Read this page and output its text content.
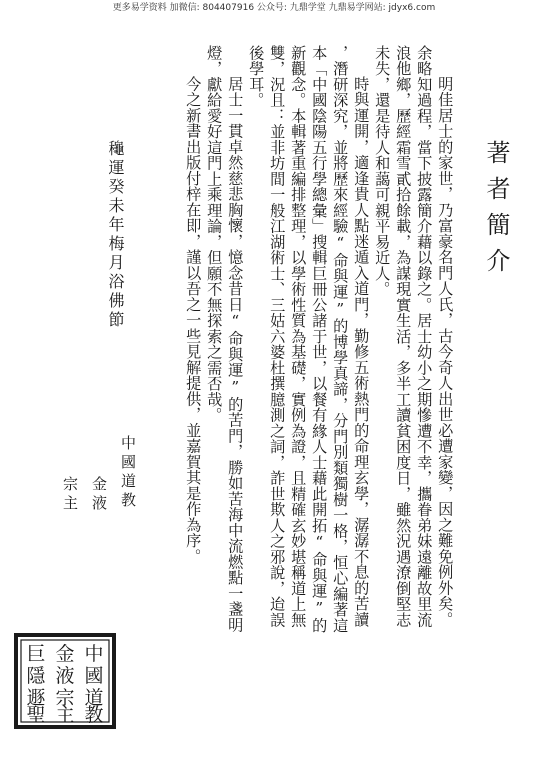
更多易学资料 加微信: 804407916 公众号: 九鼎学堂 九鼎易学网站: jdyx6.com
著者簡介
明佳居士的家世，乃富豪名門人氏，古今奇人出世必遭家變，因之難免例外矣。
余略知過程，當下披露簡介藉以錄之。居士幼小之期慘遭不幸，攜眷弟妹遠離故里流
浪他鄉，歷經霜雪貳拾餘載，為謀現實生活，多半工讀貧困度日，雖然況遇潦倒堅志
未失，還是待人和藹可親平易近人。
時與運開，適逢貴人點迷遁入道門，勤修五術熱門的命理玄學，潺潺不息的苦讀
，潛研深究，並將歷來經驗“命與運”的博學真諦，分門別類獨樹一格，恒心編著這
本「中國陰陽五行學總彙」搜輯巨冊公諸于世，以餐有緣人士藉此開拓“命與運”的
新觀念。本輯著重編排整理，以學術性質為基礎，實例為證，且精確玄妙堪稱道上無
雙，況且：並非坊間一般江湖術士、三姑六婆杜撰臆測之詞，詐世欺人之邪說，迨誤
後學耳。
居士一貫卓然慈悲胸懷，憶念昔日“命與運”的苦門，勝如苦海中流燃點一盞明
燈，獻給愛好這門上乘理論，但願不無探索之需否哉。
今之新書出版付梓在即，謹以吾之一些見解提供，並嘉賀其是作為序。
龝運癸未年梅月浴佛節
中國道教
金液
宗主
中
國
道
教
金
液
宗
主
巨
隱
遯
聖
